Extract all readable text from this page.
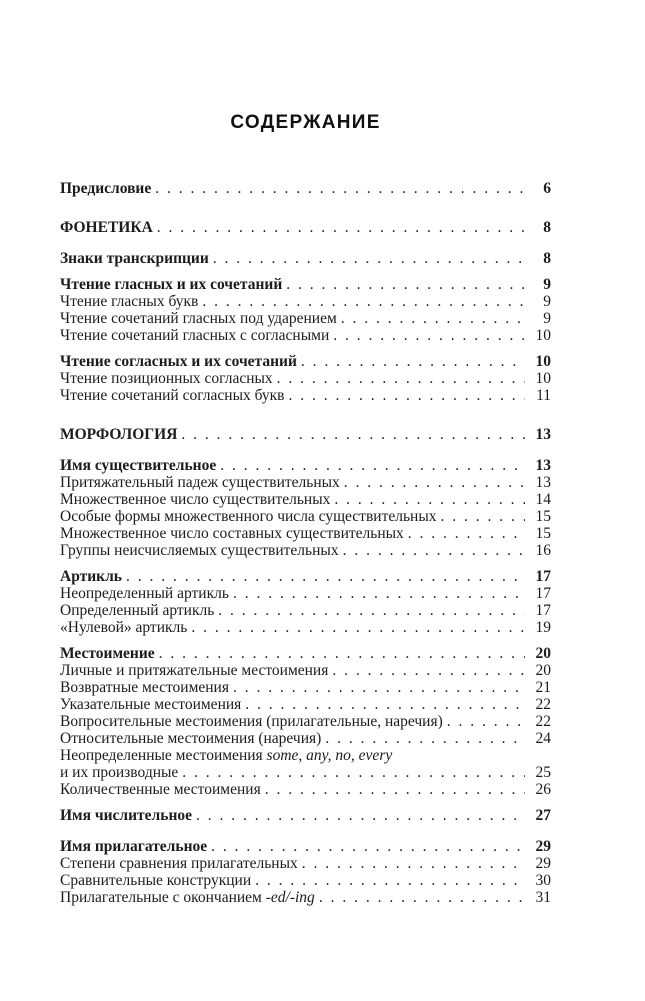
СОДЕРЖАНИЕ
Предисловие . . .	6
ФОНЕТИКА . . .	8
Знаки транскрипции . . .	8
Чтение гласных и их сочетаний . . .	9
Чтение гласных букв . . .	9
Чтение сочетаний гласных под ударением . . .	9
Чтение сочетаний гласных с согласными . . .	10
Чтение согласных и их сочетаний . . .	10
Чтение позиционных согласных . . .	10
Чтение сочетаний согласных букв . . .	11
МОРФОЛОГИЯ . . .	13
Имя существительное . . .	13
Притяжательный падеж существительных . . .	13
Множественное число существительных . . .	14
Особые формы множественного числа существительных . . .	15
Множественное число составных существительных . . .	15
Группы неисчисляемых существительных . . .	16
Артикль . . .	17
Неопределенный артикль . . .	17
Определенный артикль . . .	17
«Нулевой» артикль . . .	19
Местоимение . . .	20
Личные и притяжательные местоимения . . .	20
Возвратные местоимения . . .	21
Указательные местоимения . . .	22
Вопросительные местоимения (прилагательные, наречия) . . .	22
Относительные местоимения (наречия) . . .	24
Неопределенные местоимения some, any, no, every
и их производные . . .	25
Количественные местоимения . . .	26
Имя числительное . . .	27
Имя прилагательное . . .	29
Степени сравнения прилагательных . . .	29
Сравнительные конструкции . . .	30
Прилагательные с окончанием -ed/-ing . . .	31
